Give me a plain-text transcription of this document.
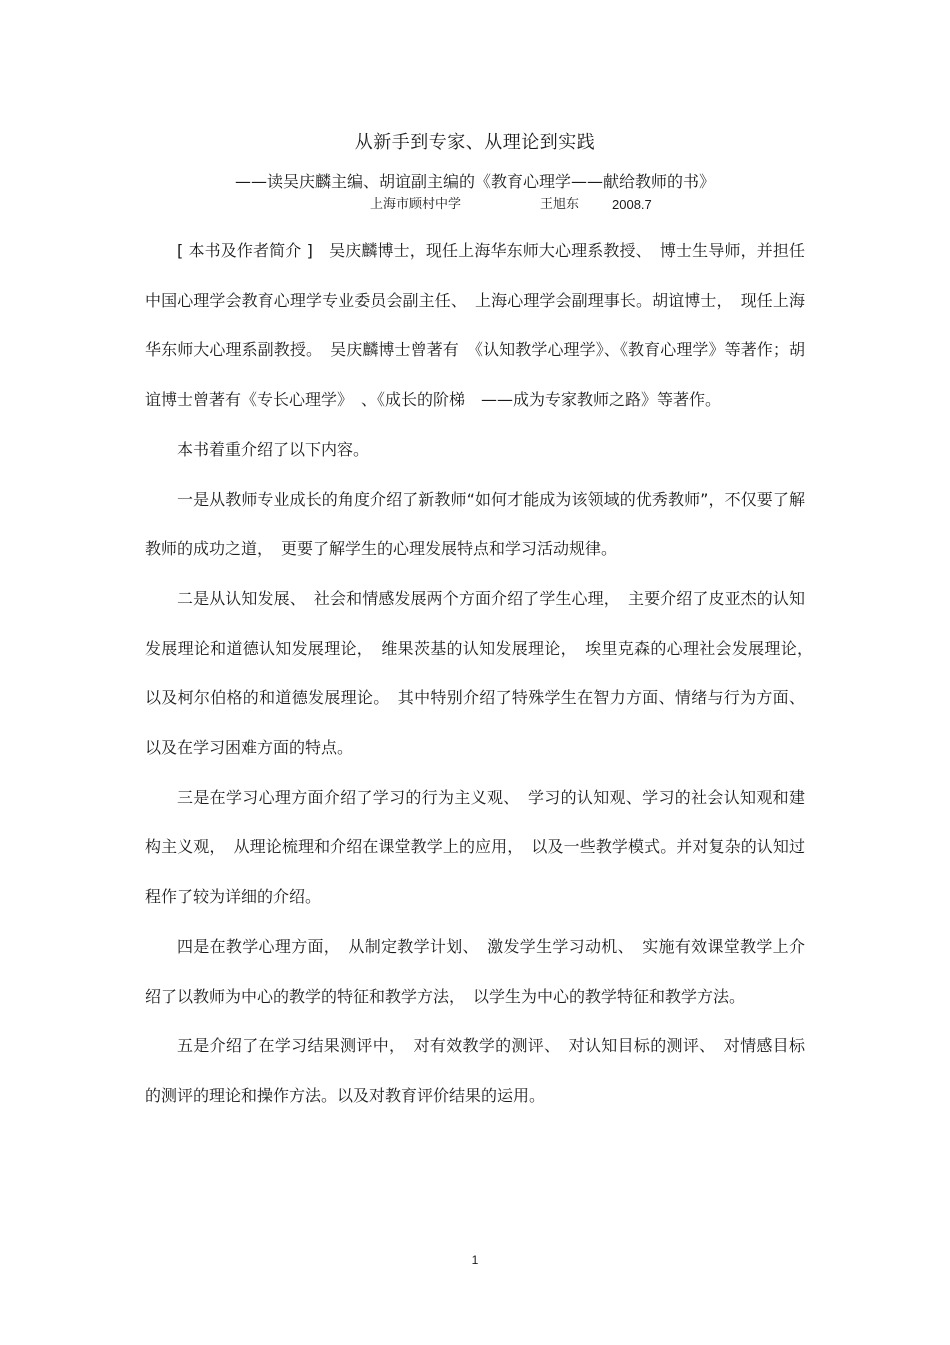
从新手到专家、从理论到实践
——读吴庆麟主编、胡谊副主编的《教育心理学——献给教师的书》
上海市顾村中学	王旭东	2008.7

[ 本书及作者简介 ]　吴庆麟博士，现任上海华东师大心理系教授、　博士生导师，并担任中国心理学会教育心理学专业委员会副主任、　上海心理学会副理事长。胡谊博士，　现任上海华东师大心理系副教授。　吴庆麟博士曾著有　《认知教学心理学》、《教育心理学》等著作；胡谊博士曾著有《专长心理学》　、《成长的阶梯　——成为专家教师之路》等著作。

本书着重介绍了以下内容。

一是从教师专业成长的角度介绍了新教师“如何才能成为该领域的优秀教师”，不仅要了解教师的成功之道，　更要了解学生的心理发展特点和学习活动规律。

二是从认知发展、　社会和情感发展两个方面介绍了学生心理，　主要介绍了皮亚杰的认知发展理论和道德认知发展理论，　维果茨基的认知发展理论，　埃里克森的心理社会发展理论，　以及柯尔伯格的和道德发展理论。　其中特别介绍了特殊学生在智力方面、情绪与行为方面、以及在学习困难方面的特点。

三是在学习心理方面介绍了学习的行为主义观、　学习的认知观、学习的社会认知观和建构主义观，　从理论梳理和介绍在课堂教学上的应用，　以及一些教学模式。并对复杂的认知过程作了较为详细的介绍。

四是在教学心理方面，　从制定教学计划、　激发学生学习动机、　实施有效课堂教学上介绍了以教师为中心的教学的特征和教学方法，　以学生为中心的教学特征和教学方法。

五是介绍了在学习结果测评中，　对有效教学的测评、　对认知目标的测评、　对情感目标的测评的理论和操作方法。以及对教育评价结果的运用。

1
